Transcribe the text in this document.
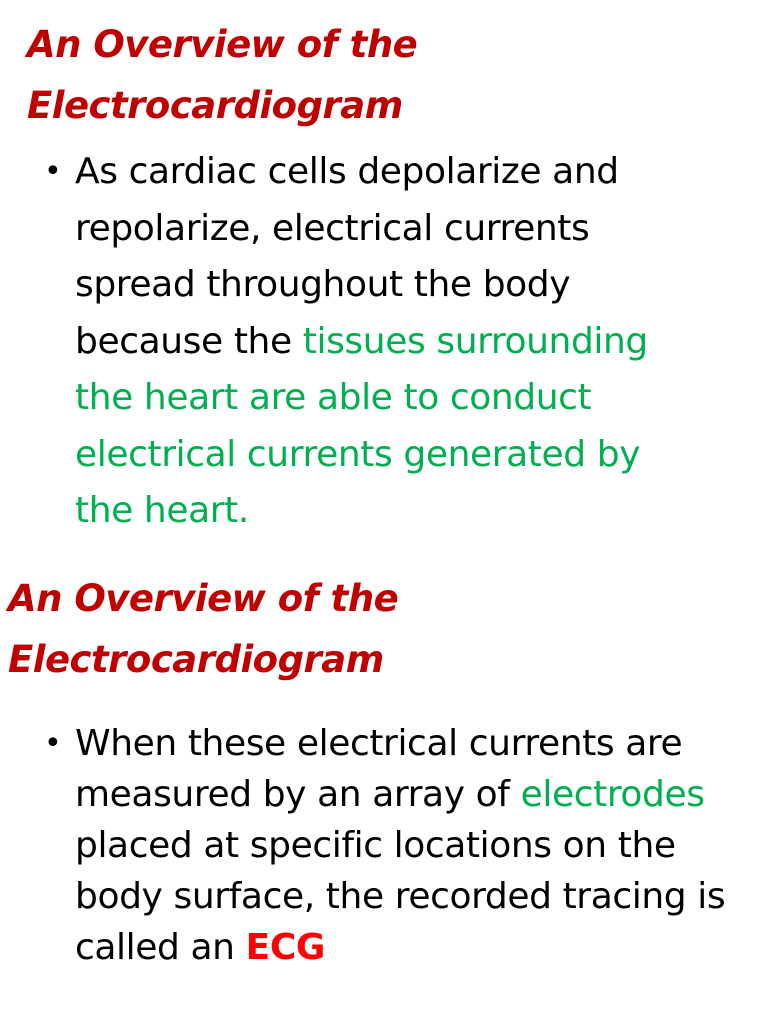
An Overview of the
Electrocardiogram
• As cardiac cells depolarize and
repolarize, electrical currents
spread throughout the body
because the tissues surrounding
the heart are able to conduct
electrical currents generated by
the heart.
An Overview of the
Electrocardiogram
• When these electrical currents are
measured by an array of electrodes
placed at specific locations on the
body surface, the recorded tracing is
called an ECG
